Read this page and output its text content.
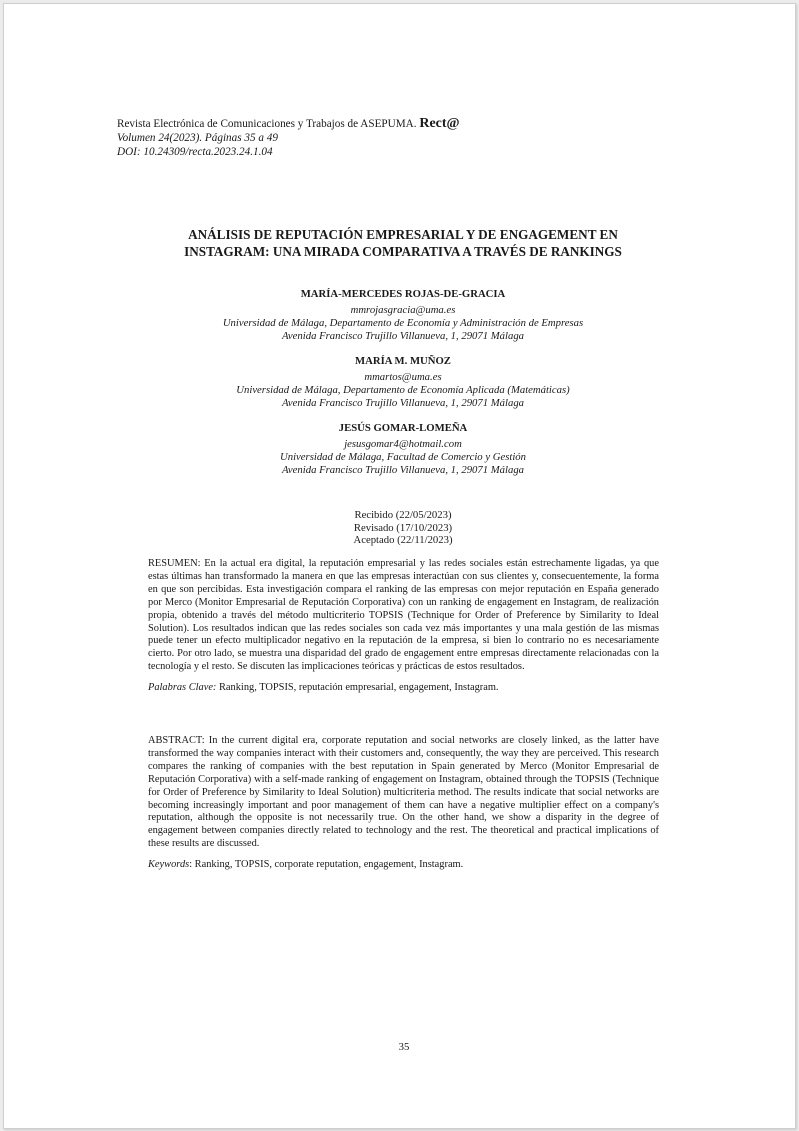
Revista Electrónica de Comunicaciones y Trabajos de ASEPUMA. Rect@
Volumen 24(2023). Páginas 35 a 49
DOI: 10.24309/recta.2023.24.1.04
ANÁLISIS DE REPUTACIÓN EMPRESARIAL Y DE ENGAGEMENT EN
INSTAGRAM: UNA MIRADA COMPARATIVA A TRAVÉS DE RANKINGS
MARÍA-MERCEDES ROJAS-DE-GRACIA
mmrojasgracia@uma.es
Universidad de Málaga, Departamento de Economía y Administración de Empresas
Avenida Francisco Trujillo Villanueva, 1, 29071 Málaga
MARÍA M. MUÑOZ
mmartos@uma.es
Universidad de Málaga, Departamento de Economía Aplicada (Matemáticas)
Avenida Francisco Trujillo Villanueva, 1, 29071 Málaga
JESÚS GOMAR-LOMEÑA
jesusgomar4@hotmail.com
Universidad de Málaga, Facultad de Comercio y Gestión
Avenida Francisco Trujillo Villanueva, 1, 29071 Málaga
Recibido (22/05/2023)
Revisado (17/10/2023)
Aceptado (22/11/2023)

RESUMEN: En la actual era digital, la reputación empresarial y las redes sociales están estrechamente ligadas, ya que estas últimas han transformado la manera en que las empresas interactúan con sus clientes y, consecuentemente, la forma en que son percibidas. Esta investigación compara el ranking de las empresas con mejor reputación en España generado por Merco (Monitor Empresarial de Reputación Corporativa) con un ranking de engagement en Instagram, de realización propia, obtenido a través del método multicriterio TOPSIS (Technique for Order of Preference by Similarity to Ideal Solution). Los resultados indican que las redes sociales son cada vez más importantes y una mala gestión de las mismas puede tener un efecto multiplicador negativo en la reputación de la empresa, si bien lo contrario no es necesariamente cierto. Por otro lado, se muestra una disparidad del grado de engagement entre empresas directamente relacionadas con la tecnología y el resto. Se discuten las implicaciones teóricas y prácticas de estos resultados.

Palabras Clave: Ranking, TOPSIS, reputación empresarial, engagement, Instagram.

ABSTRACT: In the current digital era, corporate reputation and social networks are closely linked, as the latter have transformed the way companies interact with their customers and, consequently, the way they are perceived. This research compares the ranking of companies with the best reputation in Spain generated by Merco (Monitor Empresarial de Reputación Corporativa) with a self-made ranking of engagement on Instagram, obtained through the TOPSIS (Technique for Order of Preference by Similarity to Ideal Solution) multicriteria method. The results indicate that social networks are becoming increasingly important and poor management of them can have a negative multiplier effect on a company's reputation, although the opposite is not necessarily true. On the other hand, we show a disparity in the degree of engagement between companies directly related to technology and the rest. The theoretical and practical implications of these results are discussed.

Keywords: Ranking, TOPSIS, corporate reputation, engagement, Instagram.

35
